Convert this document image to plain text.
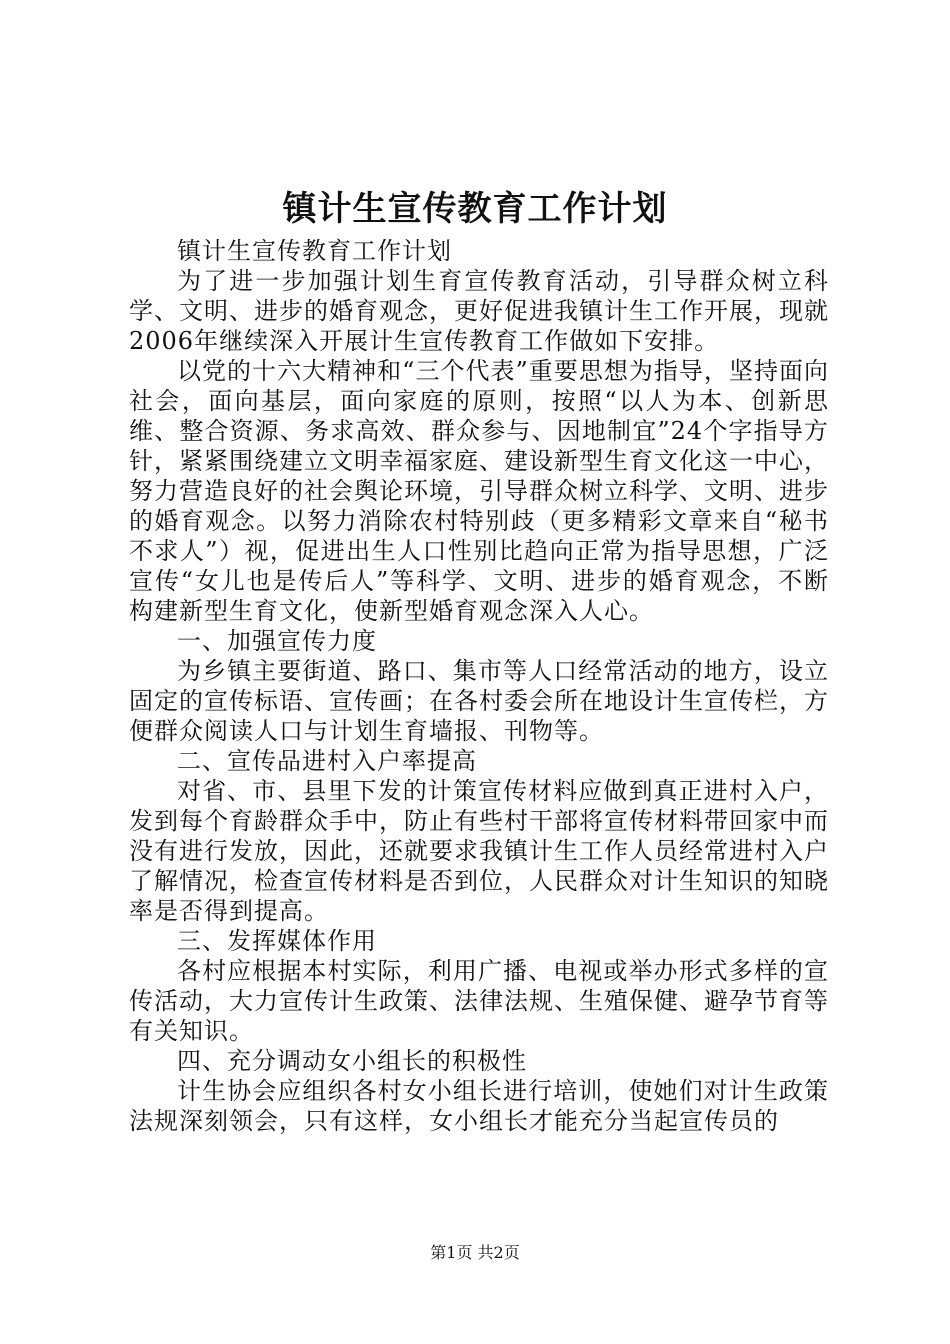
镇计生宣传教育工作计划

镇计生宣传教育工作计划

为了进一步加强计划生育宣传教育活动，引导群众树立科学、文明、进步的婚育观念，更好促进我镇计生工作开展，现就2006年继续深入开展计生宣传教育工作做如下安排。

以党的十六大精神和“三个代表”重要思想为指导，坚持面向社会，面向基层，面向家庭的原则，按照“以人为本、创新思维、整合资源、务求高效、群众参与、因地制宜”24个字指导方针，紧紧围绕建立文明幸福家庭、建设新型生育文化这一中心，努力营造良好的社会舆论环境，引导群众树立科学、文明、进步的婚育观念。以努力消除农村特别歧（更多精彩文章来自“秘书不求人”）视，促进出生人口性别比趋向正常为指导思想，广泛宣传“女儿也是传后人”等科学、文明、进步的婚育观念，不断构建新型生育文化，使新型婚育观念深入人心。

一、加强宣传力度

为乡镇主要街道、路口、集市等人口经常活动的地方，设立固定的宣传标语、宣传画；在各村委会所在地设计生宣传栏，方便群众阅读人口与计划生育墙报、刊物等。

二、宣传品进村入户率提高

对省、市、县里下发的计策宣传材料应做到真正进村入户，发到每个育龄群众手中，防止有些村干部将宣传材料带回家中而没有进行发放，因此，还就要求我镇计生工作人员经常进村入户了解情况，检查宣传材料是否到位，人民群众对计生知识的知晓率是否得到提高。

三、发挥媒体作用

各村应根据本村实际，利用广播、电视或举办形式多样的宣传活动，大力宣传计生政策、法律法规、生殖保健、避孕节育等有关知识。

四、充分调动女小组长的积极性

计生协会应组织各村女小组长进行培训，使她们对计生政策法规深刻领会，只有这样，女小组长才能充分当起宣传员的

第1页 共2页
